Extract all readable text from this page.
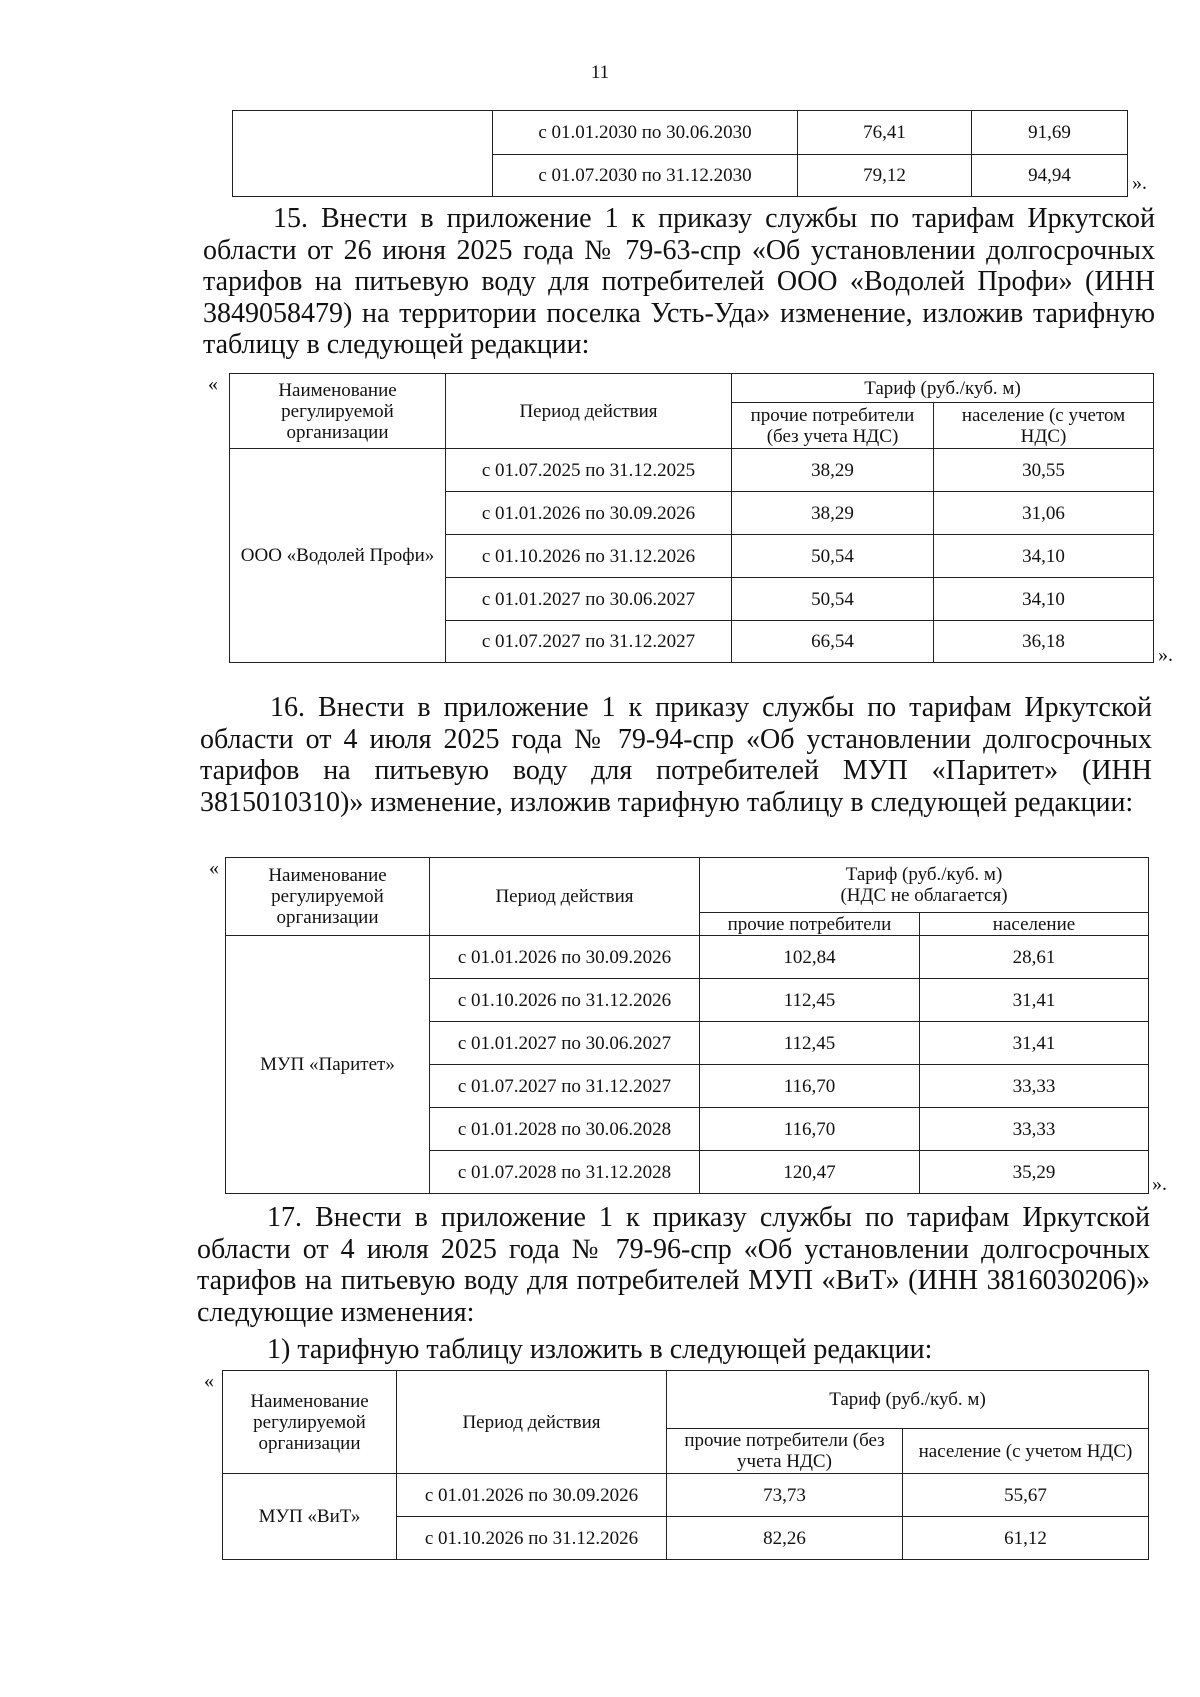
11
	с 01.01.2030 по 30.06.2030	76,41	91,69
	с 01.07.2030 по 31.12.2030	79,12	94,94	».

15. Внести в приложение 1 к приказу службы по тарифам Иркутской

области от 26 июня 2025 года № 79-63-спр «Об установлении долгосрочных тарифов на питьевую воду для потребителей ООО «Водолей Профи» (ИНН 3849058479) на территории поселка Усть-Уда» изменение, изложив тарифную таблицу в следующей редакции:

«	Наименование регулируемой организации	Период действия	Тариф (руб./куб. м)	
		прочие потребители (без учета НДС)	население (с учетом НДС)
ООО «Водолей Профи»	с 01.07.2025 по 31.12.2025	38,29	30,55
	с 01.01.2026 по 30.09.2026	38,29	31,06
	с 01.10.2026 по 31.12.2026	50,54	34,10
	с 01.01.2027 по 30.06.2027	50,54	34,10
	с 01.07.2027 по 31.12.2027	66,54	36,18
».

16. Внести в приложение 1 к приказу службы по тарифам Иркутской

области от 4 июля 2025 года № 79-94-спр «Об установлении долгосрочных тарифов на питьевую воду для потребителей МУП «Паритет» (ИНН 3815010310)» изменение, изложив тарифную таблицу в следующей редакции:

«	Наименование регулируемой организации	Период действия	Тариф (руб./куб. м)
(НДС не облагается)	

		прочие потребители	население
МУП «Паритет»	с 01.01.2026 по 30.09.2026	102,84	28,61
	с 01.10.2026 по 31.12.2026	112,45	31,41
	с 01.01.2027 по 30.06.2027	112,45	31,41
	с 01.07.2027 по 31.12.2027	116,70	33,33
	с 01.01.2028 по 30.06.2028	116,70	33,33
	с 01.07.2028 по 31.12.2028	120,47	35,29
».

17. Внести в приложение 1 к приказу службы по тарифам Иркутской

области от 4 июля 2025 года № 79-96-спр «Об установлении долгосрочных тарифов на питьевую воду для потребителей МУП «ВиТ» (ИНН 3816030206)» следующие изменения:

1) тарифную таблицу изложить в следующей редакции:
«
Наименование регулируемой организации	Период действия	Тариф (руб./куб. м)	
		прочие потребители (без учета НДС)	население (с учетом НДС)
МУП «ВиТ»	с 01.01.2026 по 30.09.2026	73,73	55,67
	с 01.10.2026 по 31.12.2026	82,26	61,12
